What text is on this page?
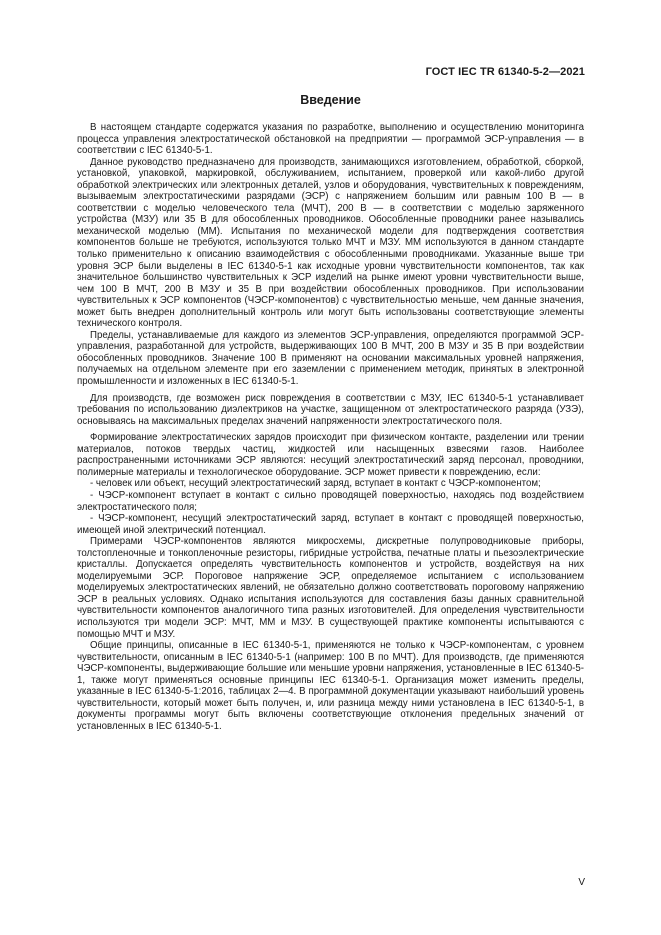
ГОСТ IEC TR 61340-5-2—2021
Введение

В настоящем стандарте содержатся указания по разработке, выполнению и осуществлению мониторинга процесса управления электростатической обстановкой на предприятии — программой ЭСР-управления — в соответствии с IEC 61340-5-1.

Данное руководство предназначено для производств, занимающихся изготовлением, обработкой, сборкой, установкой, упаковкой, маркировкой, обслуживанием, испытанием, проверкой или какой-либо другой обработкой электрических или электронных деталей, узлов и оборудования, чувствительных к повреждениям, вызываемым электростатическими разрядами (ЭСР) с напряжением большим или равным 100 В — в соответствии с моделью человеческого тела (МЧТ), 200 В — в соответствии с моделью заряженного устройства (МЗУ) или 35 В для обособленных проводников. Обособленные проводники ранее назывались механической моделью (ММ). Испытания по механической модели для подтверждения соответствия компонентов больше не требуются, используются только МЧТ и МЗУ. ММ используются в данном стандарте только применительно к описанию взаимодействия с обособленными проводниками. Указанные выше три уровня ЭСР были выделены в IEC 61340-5-1 как исходные уровни чувствительности компонентов, так как значительное большинство чувствительных к ЭСР изделий на рынке имеют уровни чувствительности выше, чем 100 В МЧТ, 200 В МЗУ и 35 В при воздействии обособленных проводников. При использовании чувствительных к ЭСР компонентов (ЧЭСР-компонентов) с чувствительностью меньше, чем данные значения, может быть внедрен дополнительный контроль или могут быть использованы соответствующие элементы технического контроля.

Пределы, устанавливаемые для каждого из элементов ЭСР-управления, определяются программой ЭСР-управления, разработанной для устройств, выдерживающих 100 В МЧТ, 200 В МЗУ и 35 В при воздействии обособленных проводников. Значение 100 В применяют на основании максимальных уровней напряжения, получаемых на отдельном элементе при его заземлении с применением методик, принятых в электронной промышленности и изложенных в IEC 61340-5-1.

Для производств, где возможен риск повреждения в соответствии с МЗУ, IEC 61340-5-1 устанавливает требования по использованию диэлектриков на участке, защищенном от электростатического разряда (УЗЭ), основываясь на максимальных пределах значений напряженности электростатического поля.

Формирование электростатических зарядов происходит при физическом контакте, разделении или трении материалов, потоков твердых частиц, жидкостей или насыщенных взвесями газов. Наиболее распространенными источниками ЭСР являются: несущий электростатический заряд персонал, проводники, полимерные материалы и технологическое оборудование. ЭСР может привести к повреждению, если:

- человек или объект, несущий электростатический заряд, вступает в контакт с ЧЭСР-компонентом;

- ЧЭСР-компонент вступает в контакт с сильно проводящей поверхностью, находясь под воздействием электростатического поля;

- ЧЭСР-компонент, несущий электростатический заряд, вступает в контакт с проводящей поверхностью, имеющей иной электрический потенциал.

Примерами ЧЭСР-компонентов являются микросхемы, дискретные полупроводниковые приборы, толстопленочные и тонкопленочные резисторы, гибридные устройства, печатные платы и пьезоэлектрические кристаллы. Допускается определять чувствительность компонентов и устройств, воздействуя на них моделируемыми ЭСР. Пороговое напряжение ЭСР, определяемое испытанием с использованием моделируемых электростатических явлений, не обязательно должно соответствовать пороговому напряжению ЭСР в реальных условиях. Однако испытания используются для составления базы данных сравнительной чувствительности компонентов аналогичного типа разных изготовителей. Для определения чувствительности используются три модели ЭСР: МЧТ, ММ и МЗУ. В существующей практике компоненты испытываются с помощью МЧТ и МЗУ.

Общие принципы, описанные в IEC 61340-5-1, применяются не только к ЧЭСР-компонентам, с уровнем чувствительности, описанным в IEC 61340-5-1 (например: 100 В по МЧТ). Для производств, где применяются ЧЭСР-компоненты, выдерживающие большие или меньшие уровни напряжения, установленные в IEC 61340-5-1, также могут применяться основные принципы IEC 61340-5-1. Организация может изменить пределы, указанные в IEC 61340-5-1:2016, таблицах 2—4. В программной документации указывают наибольший уровень чувствительности, который может быть получен, и, или разница между ними установлена в IEC 61340-5-1, в документы программы могут быть включены соответствующие отклонения предельных значений от установленных в IEC 61340-5-1.

V
